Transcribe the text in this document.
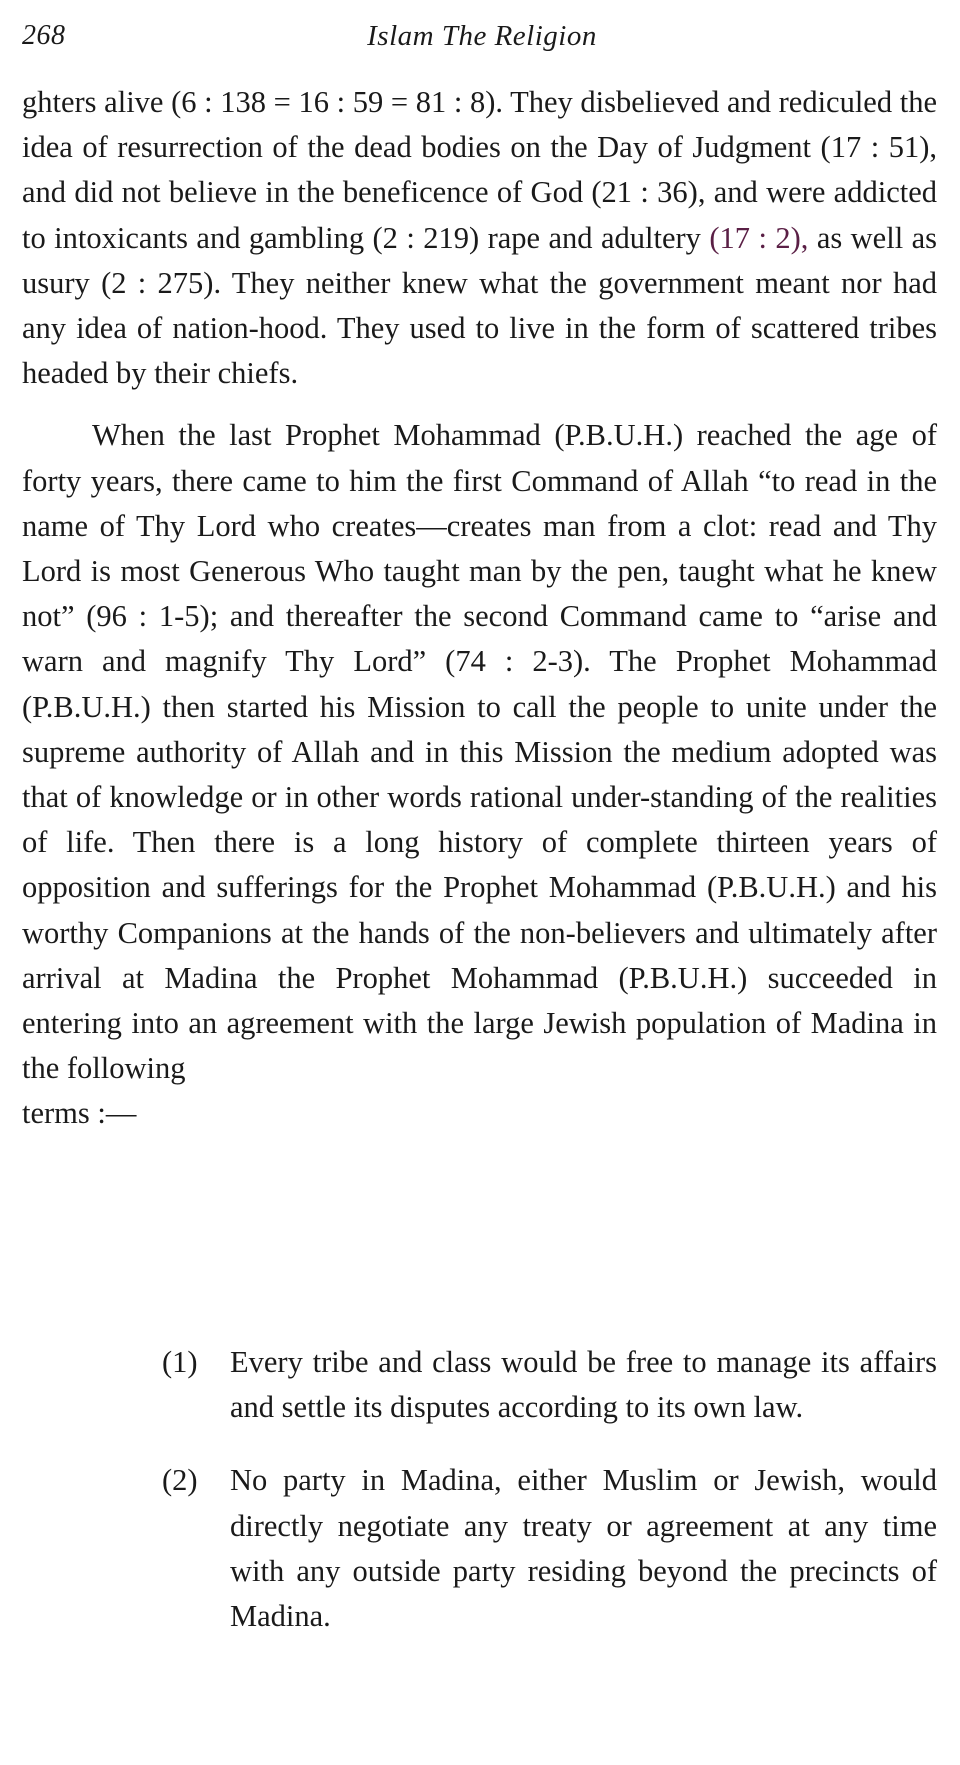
268	Islam The Religion

ghters alive (6 : 138 = 16 : 59 = 81 : 8). They disbelieved and rediculed the idea of resurrection of the dead bodies on the Day of Judgment (17 : 51), and did not believe in the beneficence of God (21 : 36), and were addicted to intoxicants and gambling (2 : 219) rape and adultery (17 : 2), as well as usury (2 : 275). They neither knew what the government meant nor had any idea of nation-hood. They used to live in the form of scattered tribes headed by their chiefs.

When the last Prophet Mohammad (P.B.U.H.) reached the age of forty years, there came to him the first Command of Allah “to read in the name of Thy Lord who creates—creates man from a clot: read and Thy Lord is most Generous Who taught man by the pen, taught what he knew not” (96 : 1-5); and thereafter the second Command came to “arise and warn and magnify Thy Lord” (74 : 2-3). The Prophet Mohammad (P.B.U.H.) then started his Mission to call the people to unite under the supreme authority of Allah and in this Mission the medium adopted was that of knowledge or in other words rational under-standing of the realities of life. Then there is a long history of complete thirteen years of opposition and sufferings for the Prophet Mohammad (P.B.U.H.) and his worthy Companions at the hands of the non-believers and ultimately after arrival at Madina the Prophet Mohammad (P.B.U.H.) succeeded in entering into an agreement with the large Jewish population of Madina in the following

terms :—

(1) Every tribe and class would be free to manage its affairs and settle its disputes according to its own law.
(2) No party in Madina, either Muslim or Jewish, would directly negotiate any treaty or agreement at any time with any outside party residing beyond the precincts of Madina.
